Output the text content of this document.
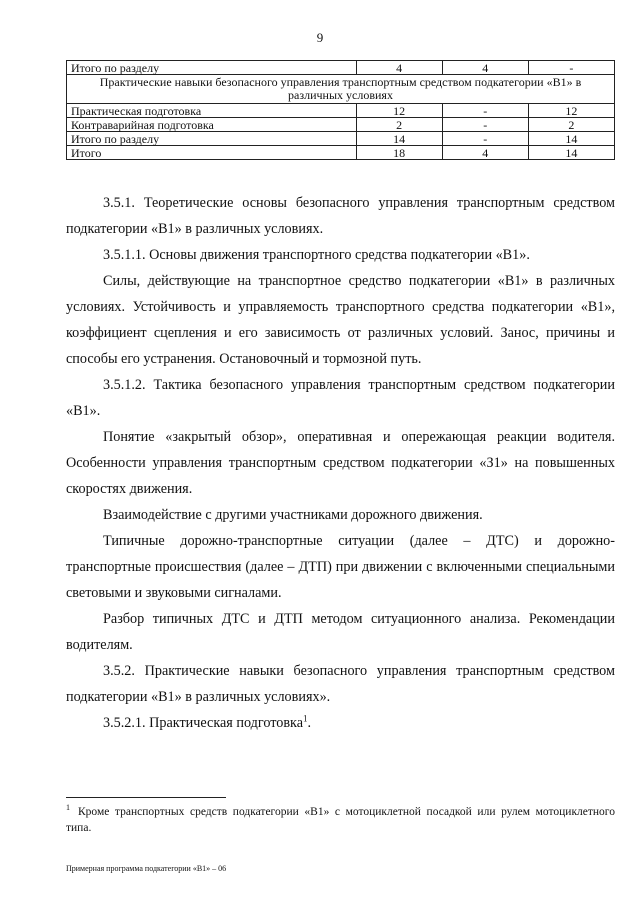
9
Итого по разделу	4	4	-
Практические навыки безопасного управления транспортным средством подкатегории «В1» в различных условиях			
Практическая подготовка	12	-	12
Контраварийная подготовка	2	-	2
Итого по разделу	14	-	14
Итого	18	4	14

3.5.1. Теоретические основы безопасного управления транспортным средством подкатегории «В1» в различных условиях.

3.5.1.1. Основы движения транспортного средства подкатегории «В1».

Силы, действующие на транспортное средство подкатегории «В1» в различных условиях. Устойчивость и управляемость транспортного средства подкатегории «В1», коэффициент сцепления и его зависимость от различных условий. Занос, причины и способы его устранения. Остановочный и тормозной путь.

3.5.1.2. Тактика безопасного управления транспортным средством подкатегории «В1».

Понятие «закрытый обзор», оперативная и опережающая реакции водителя. Особенности управления транспортным средством подкатегории «З1» на повышенных скоростях движения.

Взаимодействие с другими участниками дорожного движения.

Типичные дорожно-транспортные ситуации (далее – ДТС) и дорожно-транспортные происшествия (далее – ДТП) при движении с включенными специальными световыми и звуковыми сигналами.

Разбор типичных ДТС и ДТП методом ситуационного анализа. Рекомендации водителям.

3.5.2. Практические навыки безопасного управления транспортным средством подкатегории «В1» в различных условиях».

3.5.2.1. Практическая подготовка$^1$.

$^1$ Кроме транспортных средств подкатегории «В1» с мотоциклетной посадкой или рулем мотоциклетного типа.
Примерная программа подкатегории «В1» – 06
